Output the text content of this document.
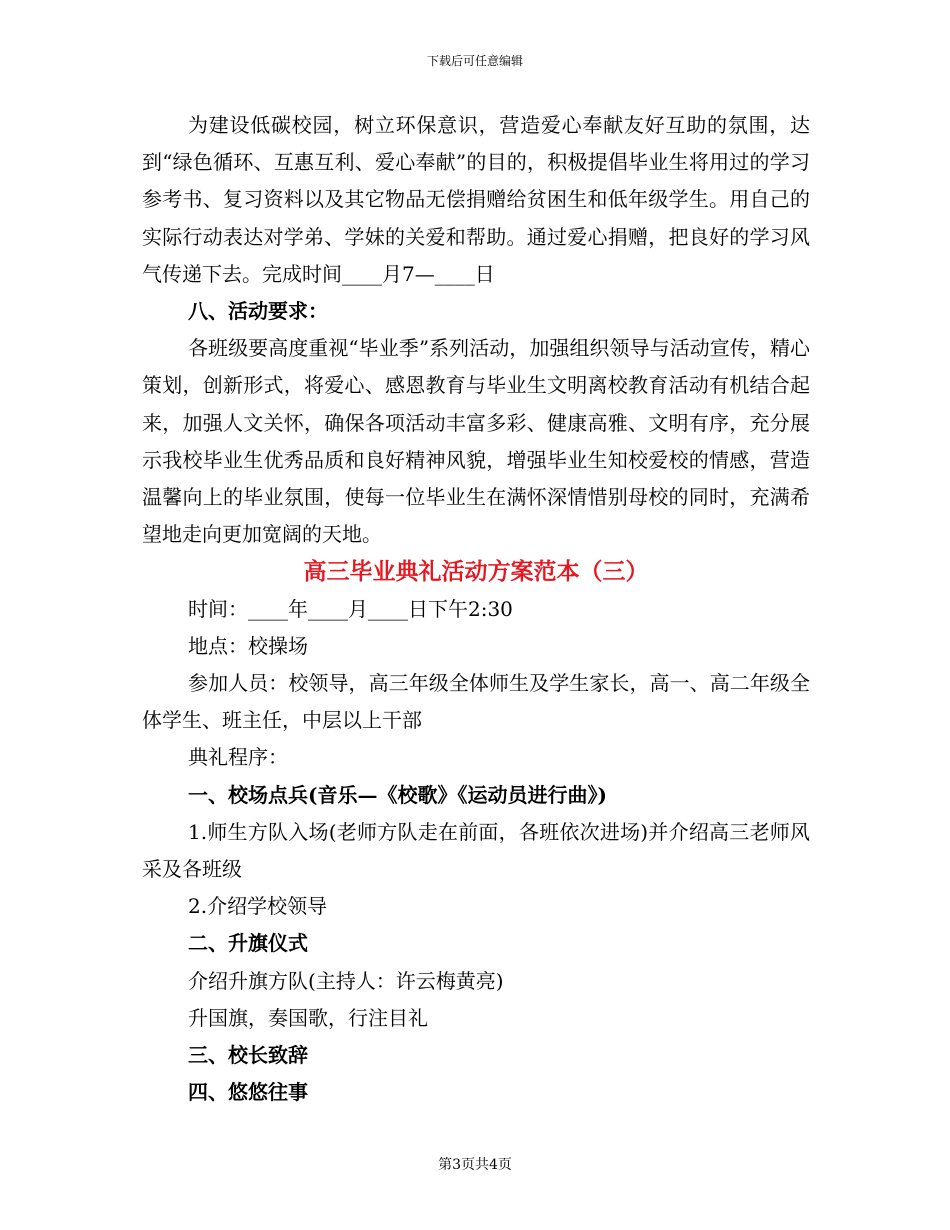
下载后可任意编辑

为建设低碳校园，树立环保意识，营造爱心奉献友好互助的氛围，达到“绿色循环、互惠互利、爱心奉献”的目的，积极提倡毕业生将用过的学习参考书、复习资料以及其它物品无偿捐赠给贫困生和低年级学生。用自己的实际行动表达对学弟、学妹的关爱和帮助。通过爱心捐赠，把良好的学习风气传递下去。完成时间____月7—____日

八、活动要求：

各班级要高度重视“毕业季”系列活动，加强组织领导与活动宣传，精心策划，创新形式，将爱心、感恩教育与毕业生文明离校教育活动有机结合起来，加强人文关怀，确保各项活动丰富多彩、健康高雅、文明有序，充分展示我校毕业生优秀品质和良好精神风貌，增强毕业生知校爱校的情感，营造温馨向上的毕业氛围，使每一位毕业生在满怀深情惜别母校的同时，充满希望地走向更加宽阔的天地。

高三毕业典礼活动方案范本（三）

时间：____年____月____日下午2:30

地点：校操场

参加人员：校领导，高三年级全体师生及学生家长，高一、高二年级全体学生、班主任，中层以上干部

典礼程序：

一、校场点兵(音乐—《校歌》《运动员进行曲》)

1.师生方队入场(老师方队走在前面，各班依次进场)并介绍高三老师风采及各班级

2.介绍学校领导

二、升旗仪式

介绍升旗方队(主持人：许云梅黄亮)

升国旗，奏国歌，行注目礼

三、校长致辞

四、悠悠往事

第3页共4页
